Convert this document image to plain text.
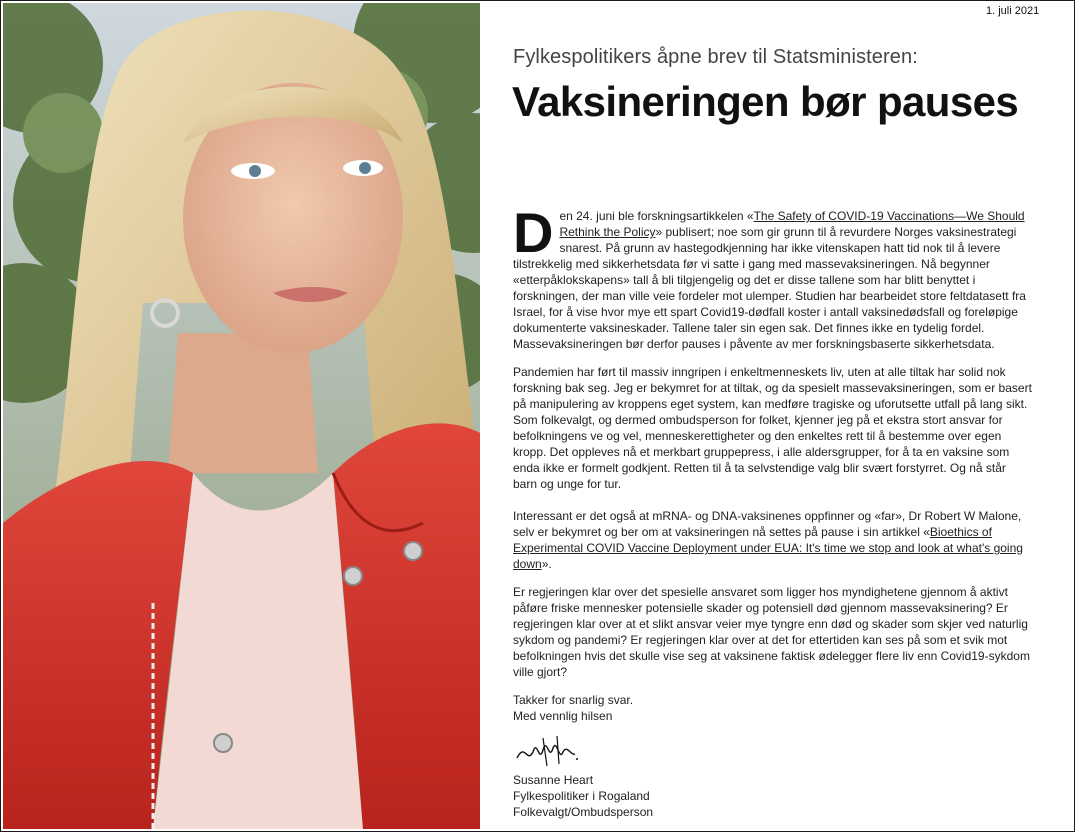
1. juli 2021
Fylkespolitikers åpne brev til Statsministeren:
Vaksineringen bør pauses
Den 24. juni ble forskningsartikkelen «The Safety of COVID-19 Vaccinations—We Should Rethink the Policy» publisert; noe som gir grunn til å revurdere Norges vaksinestrategi snarest. På grunn av hastegodkjenning har ikke vitenskapen hatt tid nok til å levere tilstrekkelig med sikkerhetsdata før vi satte i gang med massevaksineringen. Nå begynner «etterpåklokskapens» tall å bli tilgjengelig og det er disse tallene som har blitt benyttet i forskningen, der man ville veie fordeler mot ulemper. Studien har bearbeidet store feltdatasett fra Israel, for å vise hvor mye ett spart Covid19-dødfall koster i antall vaksinedødsfall og foreløpige dokumenterte vaksineskader. Tallene taler sin egen sak. Det finnes ikke en tydelig fordel. Massevaksineringen bør derfor pauses i påvente av mer forskningsbaserte sikkerhetsdata.
Pandemien har ført til massiv inngripen i enkeltmenneskets liv, uten at alle tiltak har solid nok forskning bak seg. Jeg er bekymret for at tiltak, og da spesielt massevaksineringen, som er basert på manipulering av kroppens eget system, kan medføre tragiske og uforutsette utfall på lang sikt. Som folkevalgt, og dermed ombudsperson for folket, kjenner jeg på et ekstra stort ansvar for befolkningens ve og vel, menneskerettigheter og den enkeltes rett til å bestemme over egen kropp. Det oppleves nå et merkbart gruppepress, i alle aldersgrupper, for å ta en vaksine som enda ikke er formelt godkjent. Retten til å ta selvstendige valg blir svært forstyrret. Og nå står barn og unge for tur.
Interessant er det også at mRNA- og DNA-vaksinenes oppfinner og «far», Dr Robert W Malone, selv er bekymret og ber om at vaksineringen nå settes på pause i sin artikkel «Bioethics of Experimental COVID Vaccine Deployment under EUA: It's time we stop and look at what's going down».
Er regjeringen klar over det spesielle ansvaret som ligger hos myndighetene gjennom å aktivt påføre friske mennesker potensielle skader og potensiell død gjennom massevaksinering? Er regjeringen klar over at et slikt ansvar veier mye tyngre enn død og skader som skjer ved naturlig sykdom og pandemi? Er regjeringen klar over at det for ettertiden kan ses på som et svik mot befolkningen hvis det skulle vise seg at vaksinene faktisk ødelegger flere liv enn Covid19-sykdom ville gjort?
Takker for snarlig svar.
Med vennlig hilsen
Susanne Heart
Fylkespolitiker i Rogaland
Folkevalgt/Ombudsperson
